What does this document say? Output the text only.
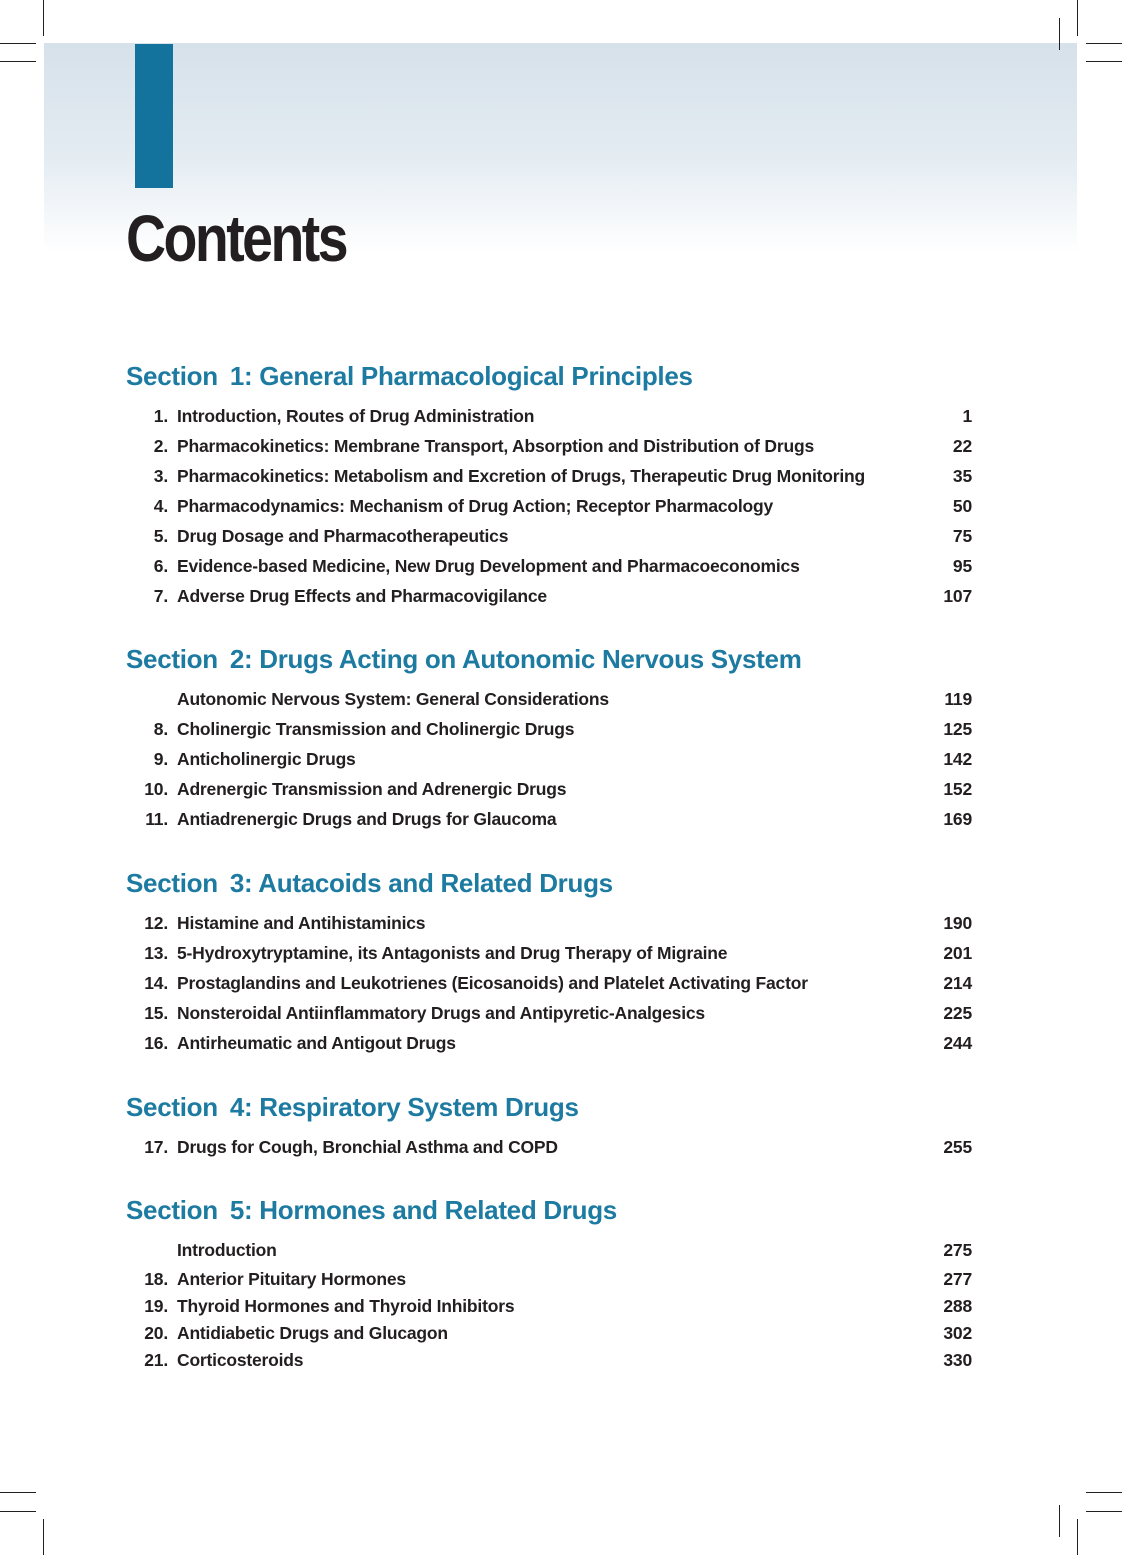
Contents
Section 1: General Pharmacological Principles
1. Introduction, Routes of Drug Administration	1
2. Pharmacokinetics: Membrane Transport, Absorption and Distribution of Drugs	22
3. Pharmacokinetics: Metabolism and Excretion of Drugs, Therapeutic Drug Monitoring	35
4. Pharmacodynamics: Mechanism of Drug Action; Receptor Pharmacology	50
5. Drug Dosage and Pharmacotherapeutics	75
6. Evidence-based Medicine, New Drug Development and Pharmacoeconomics	95
7. Adverse Drug Effects and Pharmacovigilance	107
Section 2: Drugs Acting on Autonomic Nervous System
Autonomic Nervous System: General Considerations	119
8. Cholinergic Transmission and Cholinergic Drugs	125
9. Anticholinergic Drugs	142
10. Adrenergic Transmission and Adrenergic Drugs	152
11. Antiadrenergic Drugs and Drugs for Glaucoma	169
Section 3: Autacoids and Related Drugs
12. Histamine and Antihistaminics	190
13. 5-Hydroxytryptamine, its Antagonists and Drug Therapy of Migraine	201
14. Prostaglandins and Leukotrienes (Eicosanoids) and Platelet Activating Factor	214
15. Nonsteroidal Antiinflammatory Drugs and Antipyretic-Analgesics	225
16. Antirheumatic and Antigout Drugs	244
Section 4: Respiratory System Drugs
17. Drugs for Cough, Bronchial Asthma and COPD	255
Section 5: Hormones and Related Drugs
Introduction	275
18. Anterior Pituitary Hormones	277
19. Thyroid Hormones and Thyroid Inhibitors	288
20. Antidiabetic Drugs and Glucagon	302
21. Corticosteroids	330
